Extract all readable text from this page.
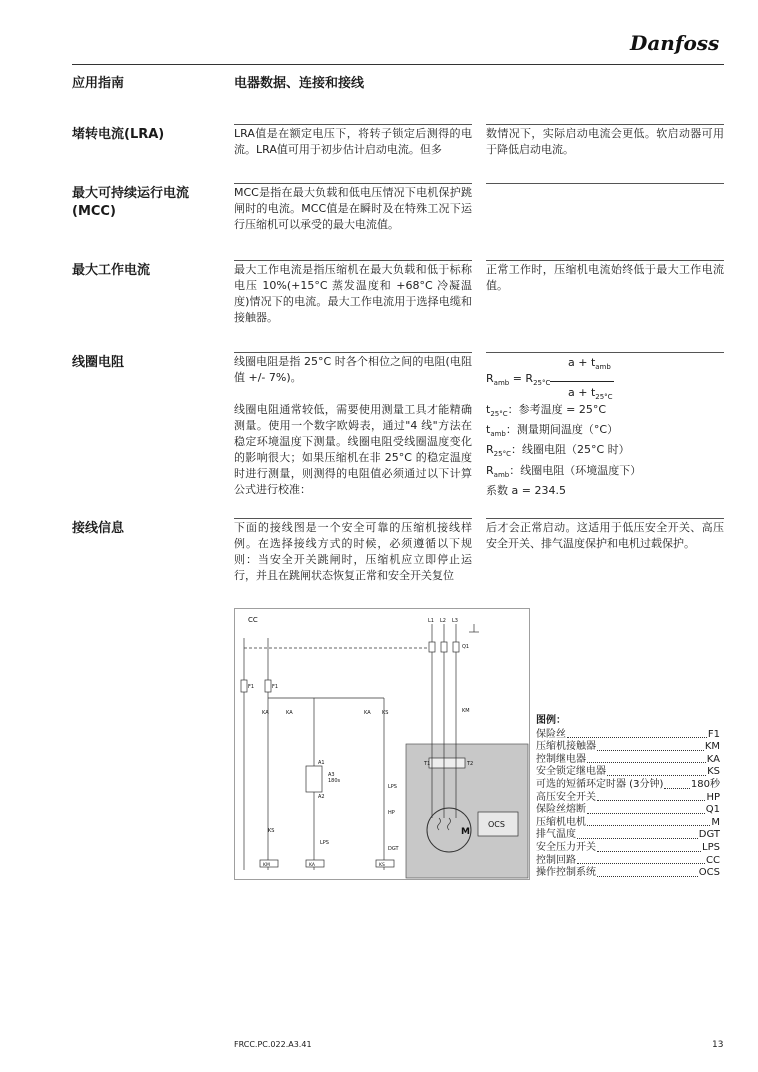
Danfoss
应用指南	电器数据、连接和接线
堵转电流(LRA)	LRA值是在额定电压下，将转子锁定后测得的电流。LRA值可用于初步估计启动电流。但多
数情况下，实际启动电流会更低。软启动器可用于降低启动电流。
最大可持续运行电流
(MCC)
MCC是指在最大负载和低电压情况下电机保护跳闸时的电流。MCC值是在瞬时及在特殊工况下运行压缩机可以承受的最大电流值。
最大工作电流	最大工作电流是指压缩机在最大负载和低于标称电压 10%(+15°C 蒸发温度和 +68°C 冷凝温度)情况下的电流。最大工作电流用于选择电缆和接触器。
正常工作时，压缩机电流始终低于最大工作电流值。
线圈电阻	线圈电阻是指 25°C 时各个相位之间的电阻(电阻值 +/- 7%)。
线圈电阻通常较低，需要使用测量工具才能精确测量。使用一个数字欧姆表，通过"4 线"方法在稳定环境温度下测量。线圈电阻受线圈温度变化的影响很大；如果压缩机在非 25°C 的稳定温度时进行测量，则测得的电阻值必须通过以下计算公式进行校准：
$a + t_{amb}$
$R_{amb} = R_{25^\circ C}$
$a + t_{25^\circ C}$
$t_{25^\circ C}$：参考温度 = 25°C
$t_{amb}$：测量期间温度（°C）
$R_{25^\circ C}$：线圈电阻（25°C 时）
$R_{amb}$：线圈电阻（环境温度下）
系数 a = 234.5
接线信息	下面的接线图是一个安全可靠的压缩机接线样例。在选择接线方式的时候，必须遵循以下规则：当安全开关跳闸时，压缩机应立即停止运行，并且在跳闸状态恢复正常和安全开关复位
后才会正常启动。这适用于低压安全开关、高压安全开关、排气温度保护和电机过载保护。
OCS
M
T1	T2
L1 L2 L3
Q1
KM
CC
F1	F1
KA	KA	KA KS
A1
A3
180s
A2
LPS
HP
DGT
KS
LPS
KM	KA	KS
图例：
保险丝	F1
压缩机接触器	KM
控制继电器	KA
安全锁定继电器	KS
可选的短循环定时器 (3分钟)	180秒
高压安全开关	HP
保险丝熔断	Q1
压缩机电机	M
排气温度	DGT
安全压力开关	LPS
控制回路	CC
操作控制系统	OCS
FRCC.PC.022.A3.41	13
